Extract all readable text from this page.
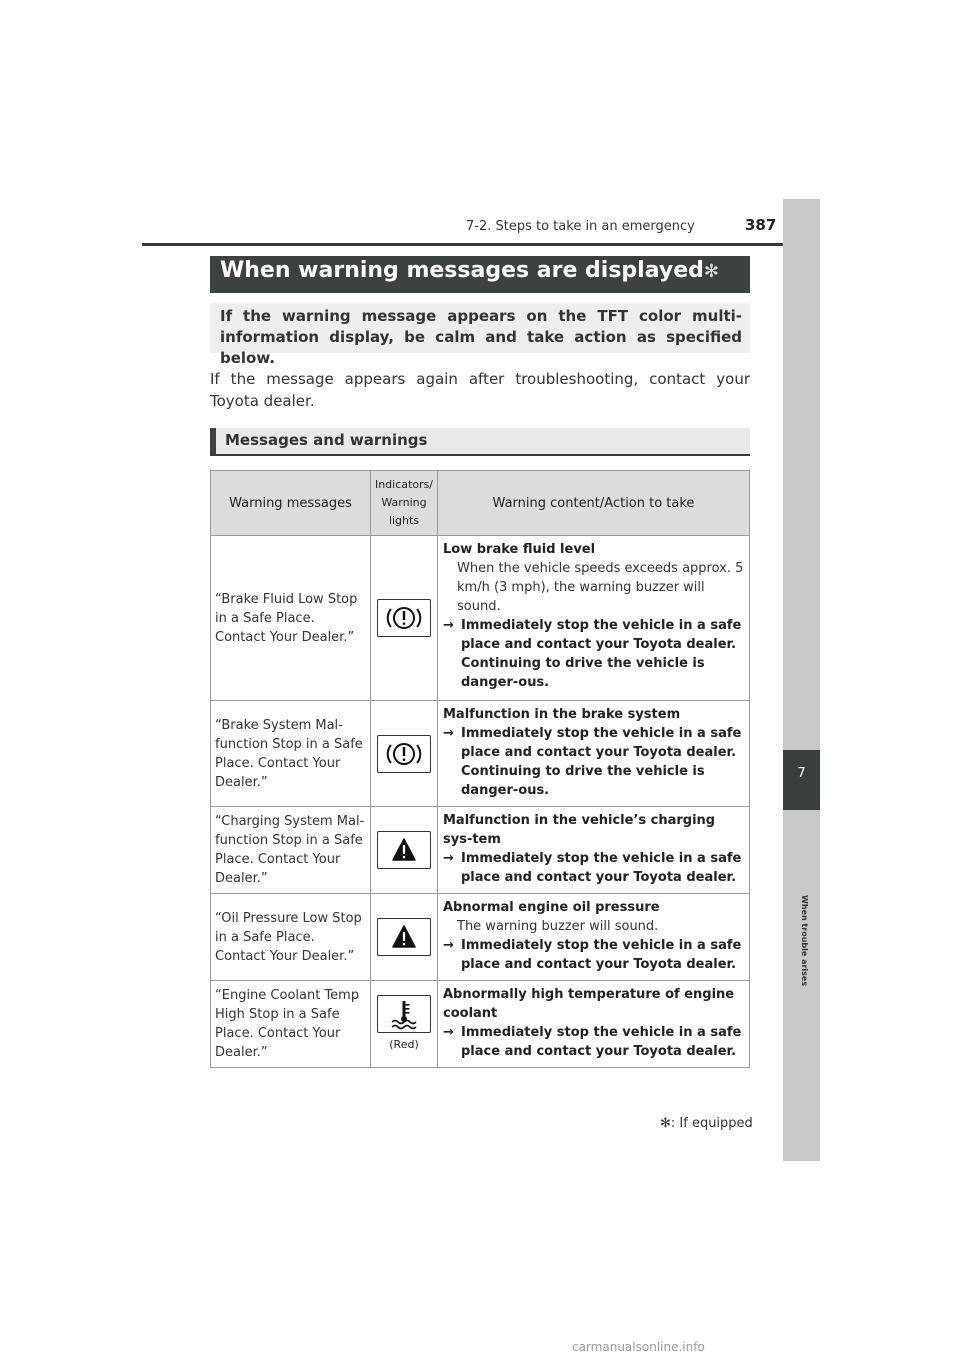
7-2. Steps to take in an emergency	387
7
When trouble arises
When warning messages are displayed✻
If the warning message appears on the TFT color multi-information display, be calm and take action as specified below.
If the message appears again after troubleshooting, contact your Toyota dealer.
Messages and warnings
Warning messages	Indicators/
Warning
lights	Warning content/Action to take
“Brake Fluid Low Stop in a Safe Place. Contact Your Dealer.”		Low brake fluid level
When the vehicle speeds exceeds approx. 5 km/h (3 mph), the warning buzzer will sound.
→ Immediately stop the vehicle in a safe place and contact your Toyota dealer. Continuing to drive the vehicle is danger-ous.

“Brake System Mal-function Stop in a Safe Place. Contact Your Dealer.”		Malfunction in the brake system
→ Immediately stop the vehicle in a safe place and contact your Toyota dealer. Continuing to drive the vehicle is danger-ous.

“Charging System Mal-function Stop in a Safe Place. Contact Your Dealer.”		Malfunction in the vehicle’s charging sys-tem
→ Immediately stop the vehicle in a safe place and contact your Toyota dealer.

“Oil Pressure Low Stop in a Safe Place. Contact Your Dealer.”		Abnormal engine oil pressure
The warning buzzer will sound.
→ Immediately stop the vehicle in a safe place and contact your Toyota dealer.

“Engine Coolant Temp High Stop in a Safe Place. Contact Your Dealer.”	(Red)	Abnormally high temperature of engine coolant
→ Immediately stop the vehicle in a safe place and contact your Toyota dealer.
✻: If equipped
carmanualsonline.info
